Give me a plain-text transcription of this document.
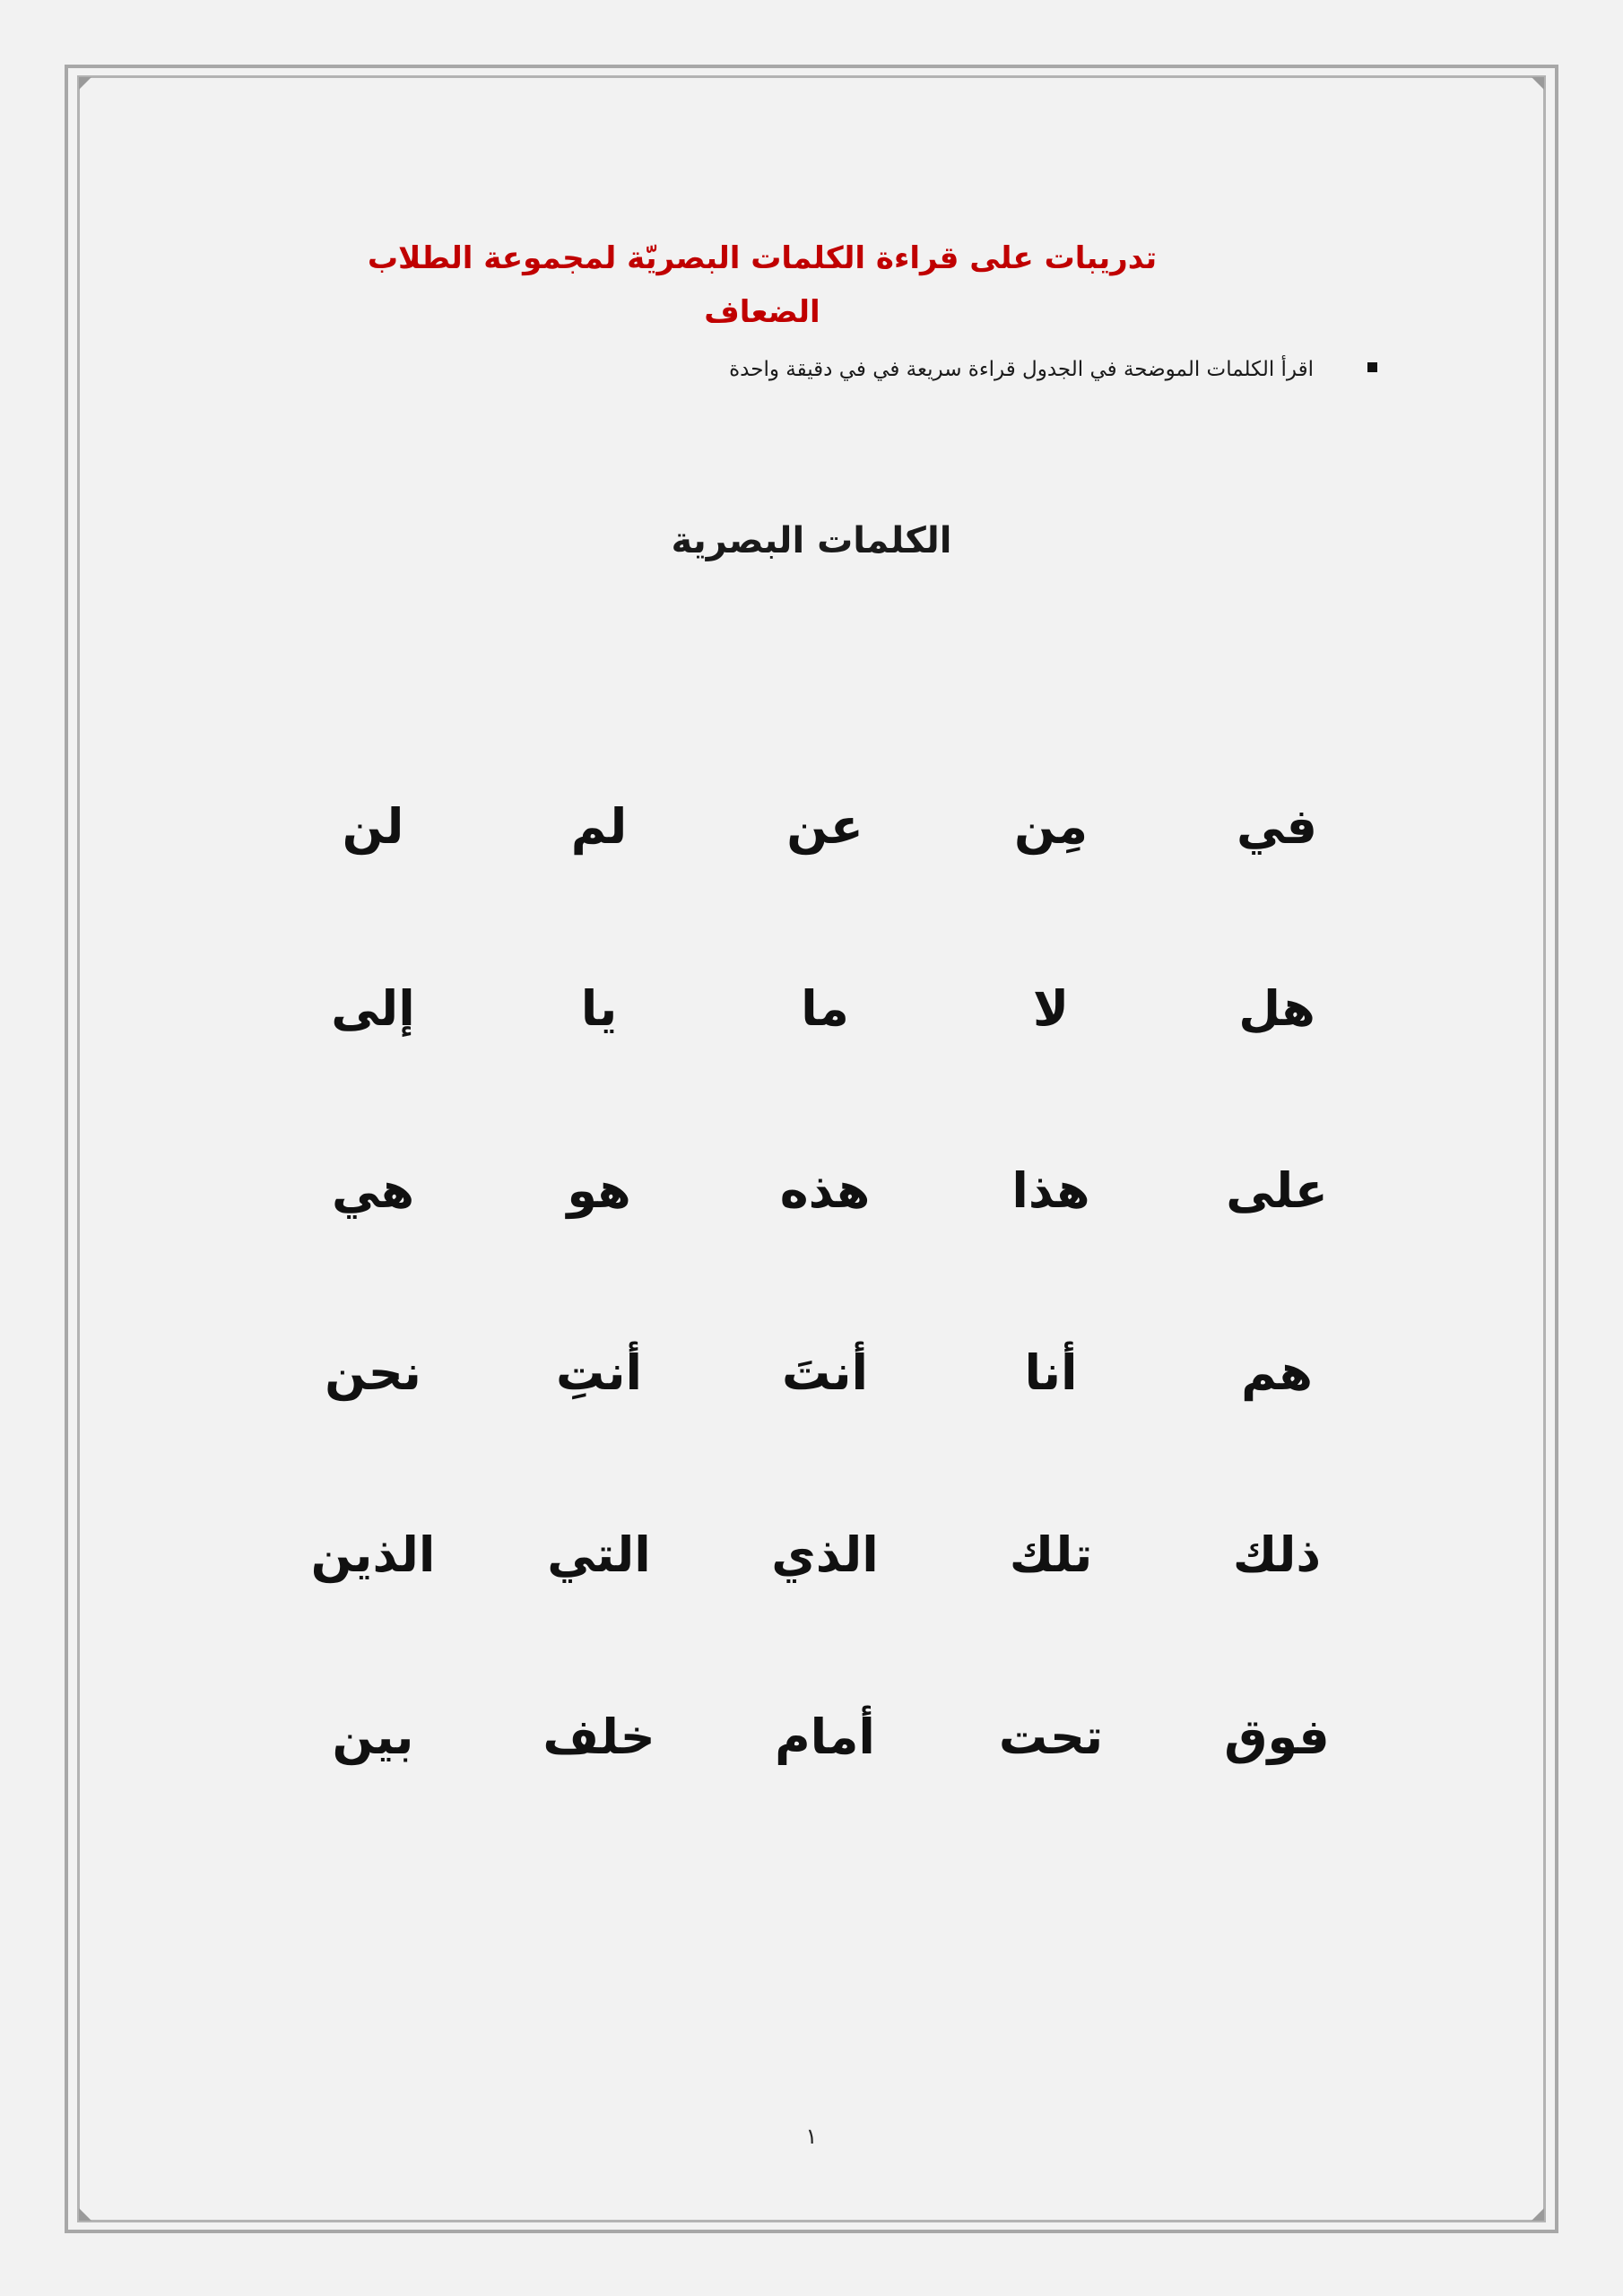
تدريبات على قراءة الكلمات البصريّة لمجموعة الطلاب الضعاف
اقرأ الكلمات الموضحة في الجدول قراءة سريعة في في دقيقة واحدة
الكلمات البصرية
في
مِن
عن
لم
لن
هل
لا
ما
يا
إلى
على
هذا
هذه
هو
هي
هم
أنا
أنتَ
أنتِ
نحن
ذلك
تلك
الذي
التي
الذين
فوق
تحت
أمام
خلف
بين
١
